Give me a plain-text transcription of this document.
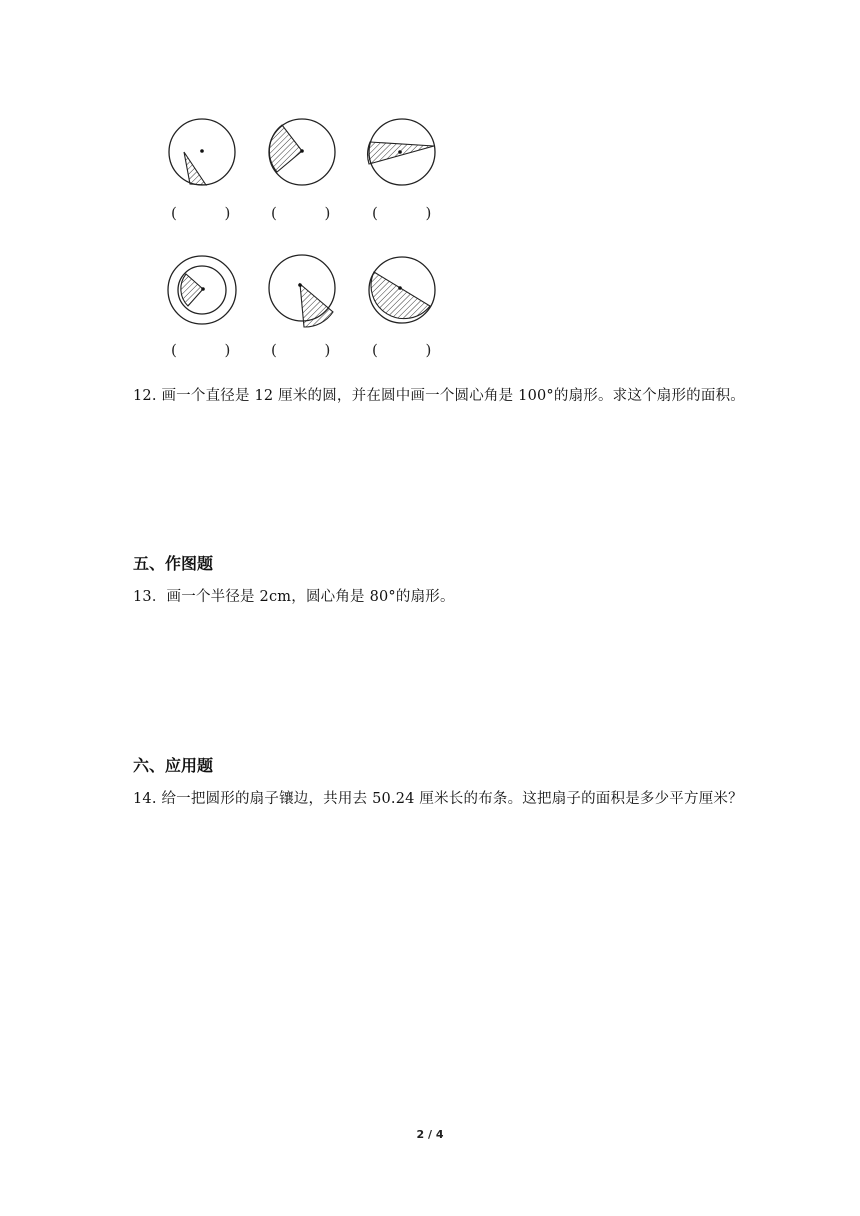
(          )	(          )	(          )
(          )	(          )	(          )
12. 画一个直径是 12 厘米的圆，并在圆中画一个圆心角是 100°的扇形。求这个扇形的面积。
五、作图题
13．画一个半径是 2cm，圆心角是 80°的扇形。
六、应用题
14. 给一把圆形的扇子镶边，共用去 50.24 厘米长的布条。这把扇子的面积是多少平方厘米？
2 / 4
